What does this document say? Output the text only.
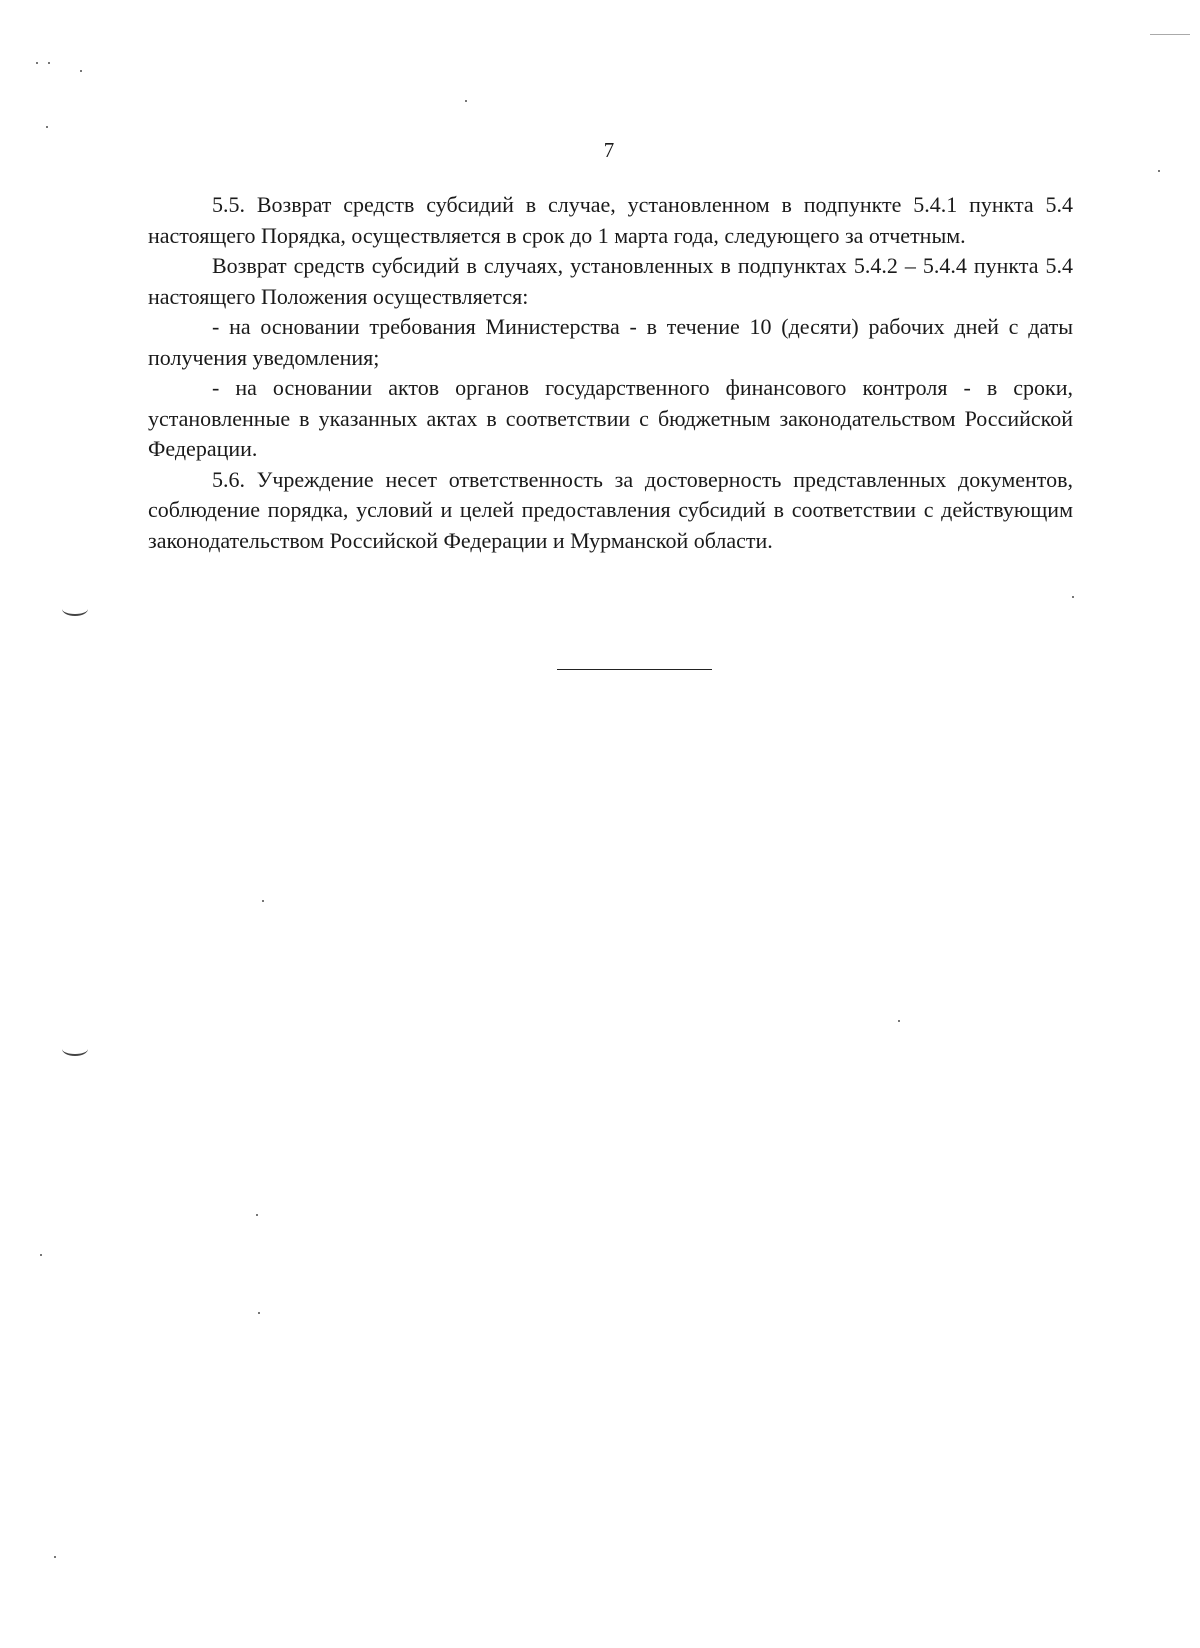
7

5.5. Возврат средств субсидий в случае, установленном в подпункте 5.4.1 пункта 5.4 настоящего Порядка, осуществляется в срок до 1 марта года, следующего за отчетным.

Возврат средств субсидий в случаях, установленных в подпунктах 5.4.2 – 5.4.4 пункта 5.4 настоящего Положения осуществляется:

- на основании требования Министерства - в течение 10 (десяти) рабочих дней с даты получения уведомления;

- на основании актов органов государственного финансового контроля - в сроки, установленные в указанных актах в соответствии с бюджетным законодательством Российской Федерации.

5.6. Учреждение несет ответственность за достоверность представленных документов, соблюдение порядка, условий и целей предоставления субсидий в соответствии с действующим законодательством Российской Федерации и Мурманской области.
